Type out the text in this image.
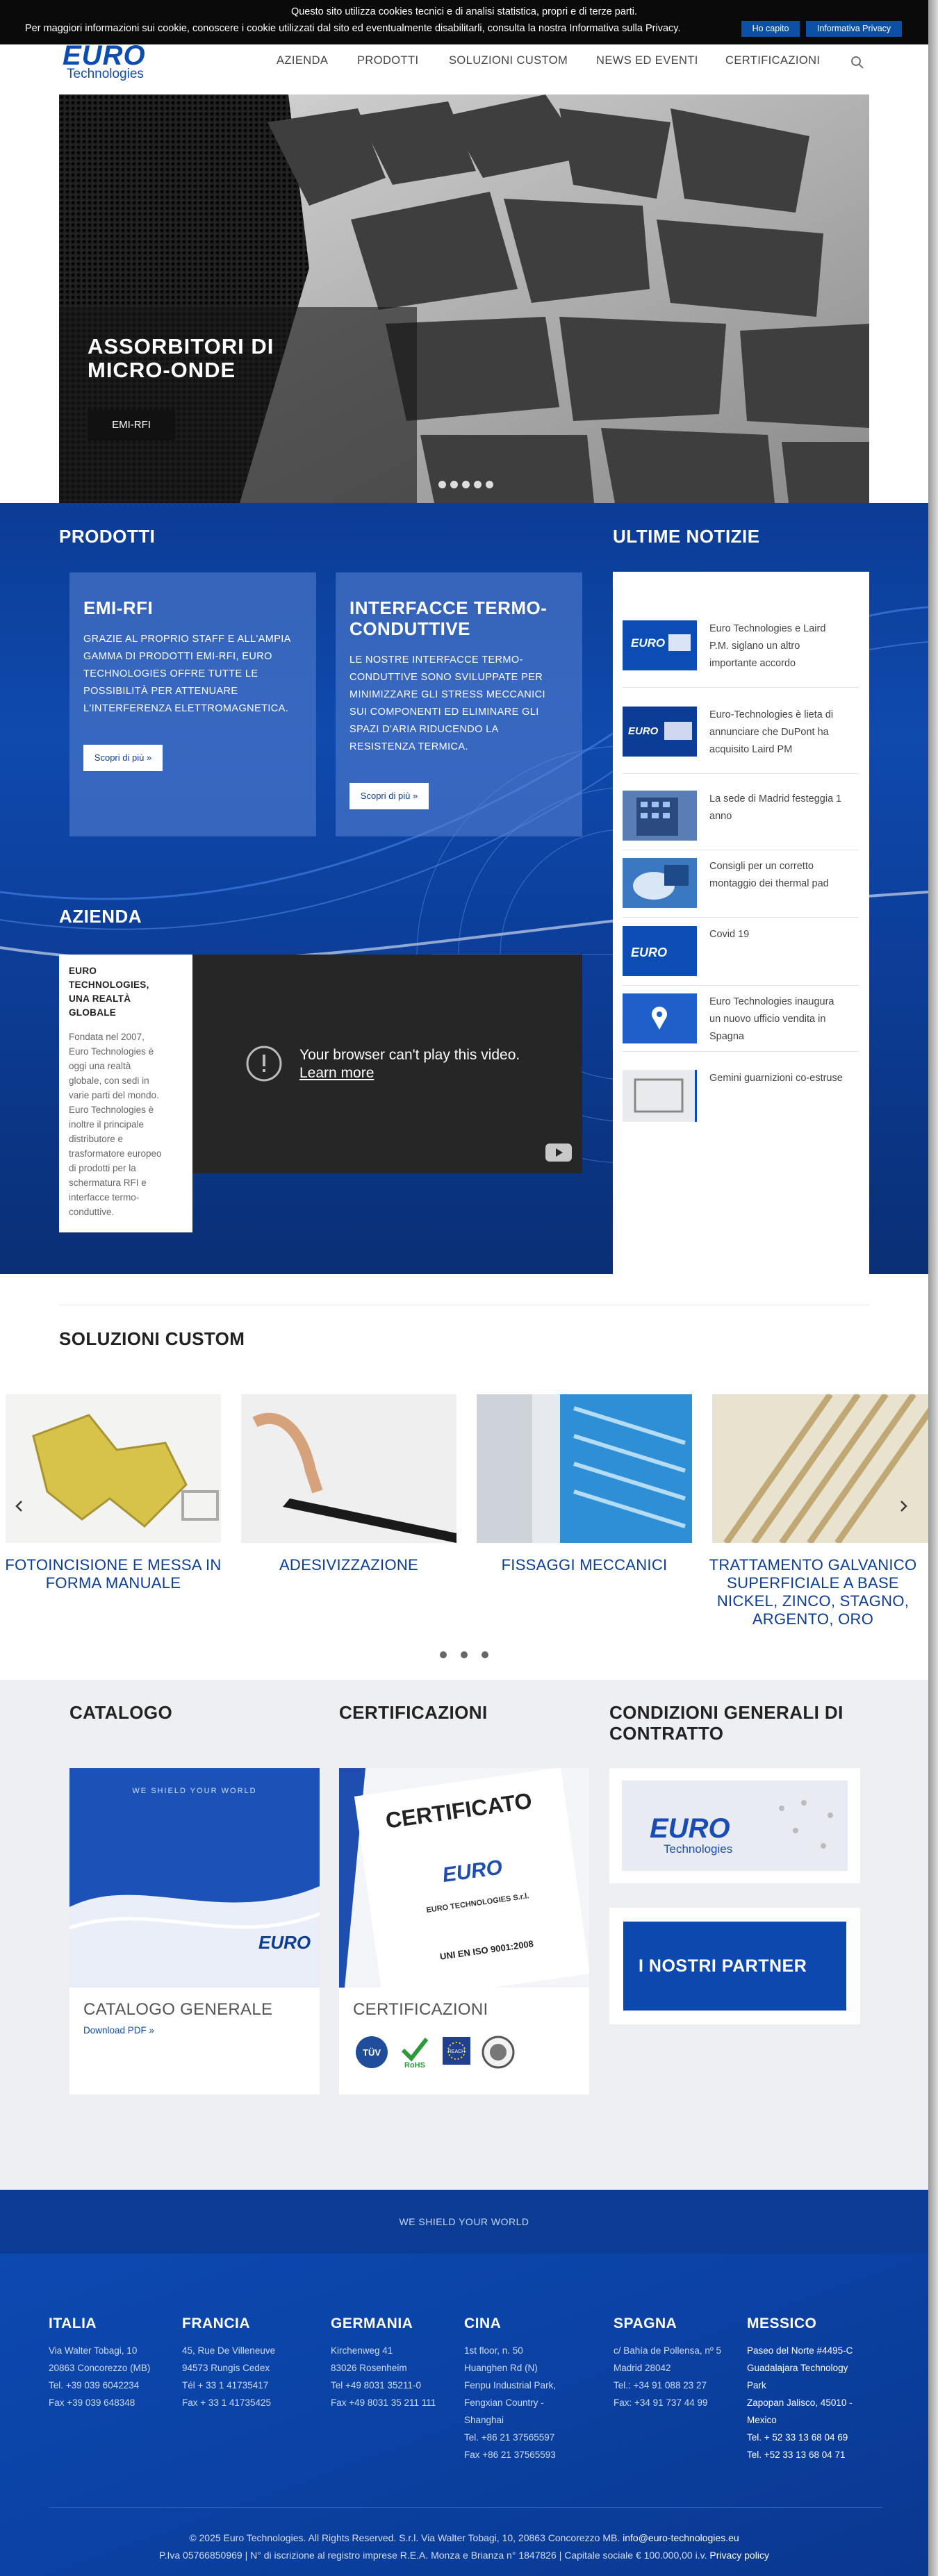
Questo sito utilizza cookies tecnici e di analisi statistica, propri e di terze parti.
Per maggiori informazioni sui cookie, conoscere i cookie utilizzati dal sito ed eventualmente disabilitarli, consulta la nostra Informativa sulla Privacy.	Ho capito	Informativa Privacy
EURO
Technologies
AZIENDA	PRODOTTI	SOLUZIONI CUSTOM NEWS ED EVENTI CERTIFICAZIONI
ASSORBITORI DI
MICRO-ONDE
EMI-RFI
PRODOTTI
EMI-RFI

GRAZIE AL PROPRIO STAFF E ALL'AMPIA
GAMMA DI PRODOTTI EMI-RFI, EURO
TECHNOLOGIES OFFRE TUTTE LE
POSSIBILITÀ PER ATTENUARE
L'INTERFERENZA ELETTROMAGNETICA.

Scopri di più »
INTERFACCE TERMO-
CONDUTTIVE

LE NOSTRE INTERFACCE TERMO-
CONDUTTIVE SONO SVILUPPATE PER
MINIMIZZARE GLI STRESS MECCANICI
SUI COMPONENTI ED ELIMINARE GLI
SPAZI D'ARIA RIDUCENDO LA
RESISTENZA TERMICA.

Scopri di più »
ULTIME NOTIZIE
AZIENDA
EURO
Euro Technologies e Laird
P.M. siglano un altro
importante accordo
EURO
Euro-Technologies è lieta di
annunciare che DuPont ha
acquisito Laird PM
La sede di Madrid festeggia 1
anno
Consigli per un corretto
montaggio dei thermal pad
EURO
Covid 19
Euro Technologies inaugura
un nuovo ufficio vendita in
Spagna
Gemini guarnizioni co-estruse
EURO
TECHNOLOGIES,
UNA REALTÀ
GLOBALE
Fondata nel 2007,
Euro Technologies è
oggi una realtà
globale, con sedi in
varie parti del mondo.
Euro Technologies è
inoltre il principale
distributore e
trasformatore europeo
di prodotti per la
schermatura RFI e
interfacce termo-
conduttive.
Your browser can't play this video.
Learn more
SOLUZIONI CUSTOM
FOTOINCISIONE E MESSA IN
FORMA MANUALE
ADESIVIZZAZIONE	FISSAGGI MECCANICI	TRATTAMENTO GALVANICO
SUPERFICIALE A BASE
NICKEL, ZINCO, STAGNO,
ARGENTO, ORO
CATALOGO	CERTIFICAZIONI	CONDIZIONI GENERALI DI
CONTRATTO
WE SHIELD YOUR WORLD
EURO
CATALOGO GENERALE
Download PDF »
CERTIFICATO
EURO
EURO TECHNOLOGIES S.r.l.
UNI EN ISO 9001:2008
CERTIFICAZIONI
TÜV
RoHS
REACH
EURO
Technologies
I NOSTRI PARTNER
WE SHIELD YOUR WORLD
ITALIA
Via Walter Tobagi, 10
20863 Concorezzo (MB)
Tel. +39 039 6042234
Fax +39 039 648348
FRANCIA
45, Rue De Villeneuve
94573 Rungis Cedex
Tél + 33 1 41735417
Fax + 33 1 41735425
GERMANIA
Kirchenweg 41
83026 Rosenheim
Tel +49 8031 35211-0
Fax +49 8031 35 211 111
CINA
1st floor, n. 50
Huanghen Rd (N)
Fenpu Industrial Park,
Fengxian Country -
Shanghai
Tel. +86 21 37565597
Fax +86 21 37565593
SPAGNA
c/ Bahía de Pollensa, nº 5
Madrid 28042
Tel.: +34 91 088 23 27
Fax: +34 91 737 44 99
MESSICO
Paseo del Norte #4495-C
Guadalajara Technology
Park
Zapopan Jalisco, 45010 -
Mexico
Tel. + 52 33 13 68 04 69
Tel. +52 33 13 68 04 71
© 2025 Euro Technologies. All Rights Reserved. S.r.l. Via Walter Tobagi, 10, 20863 Concorezzo MB. info@euro-technologies.eu
P.Iva 05766850969 | N° di iscrizione al registro imprese R.E.A. Monza e Brianza n° 1847826 | Capitale sociale € 100.000,00 i.v. Privacy policy
